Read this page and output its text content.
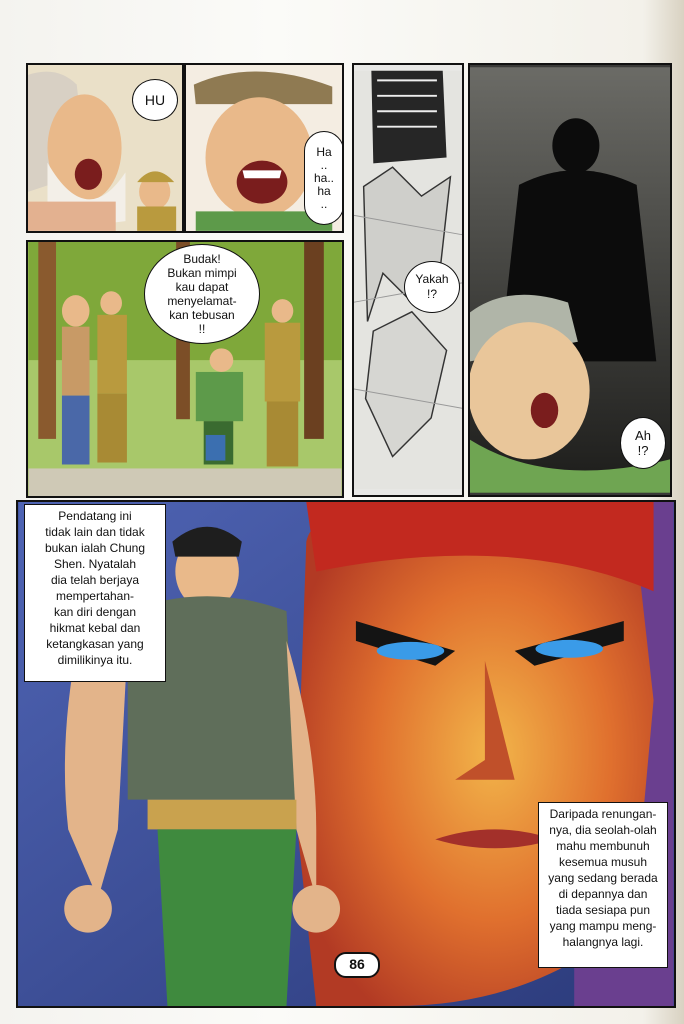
HU
Ha
..
ha..
ha
..
Yakah
!?
Ah
!?
Budak!
Bukan mimpi
kau dapat
menyelamat-
kan tebusan
!!
Pendatang ini
tidak lain dan tidak
bukan ialah Chung
Shen. Nyatalah
dia telah berjaya
mempertahan-
kan diri dengan
hikmat kebal dan
ketangkasan yang
dimilikinya itu.
Daripada renungan-
nya, dia seolah-olah
mahu membunuh
kesemua musuh
yang sedang berada
di depannya dan
tiada sesiapa pun
yang mampu meng-
halangnya lagi.
86
